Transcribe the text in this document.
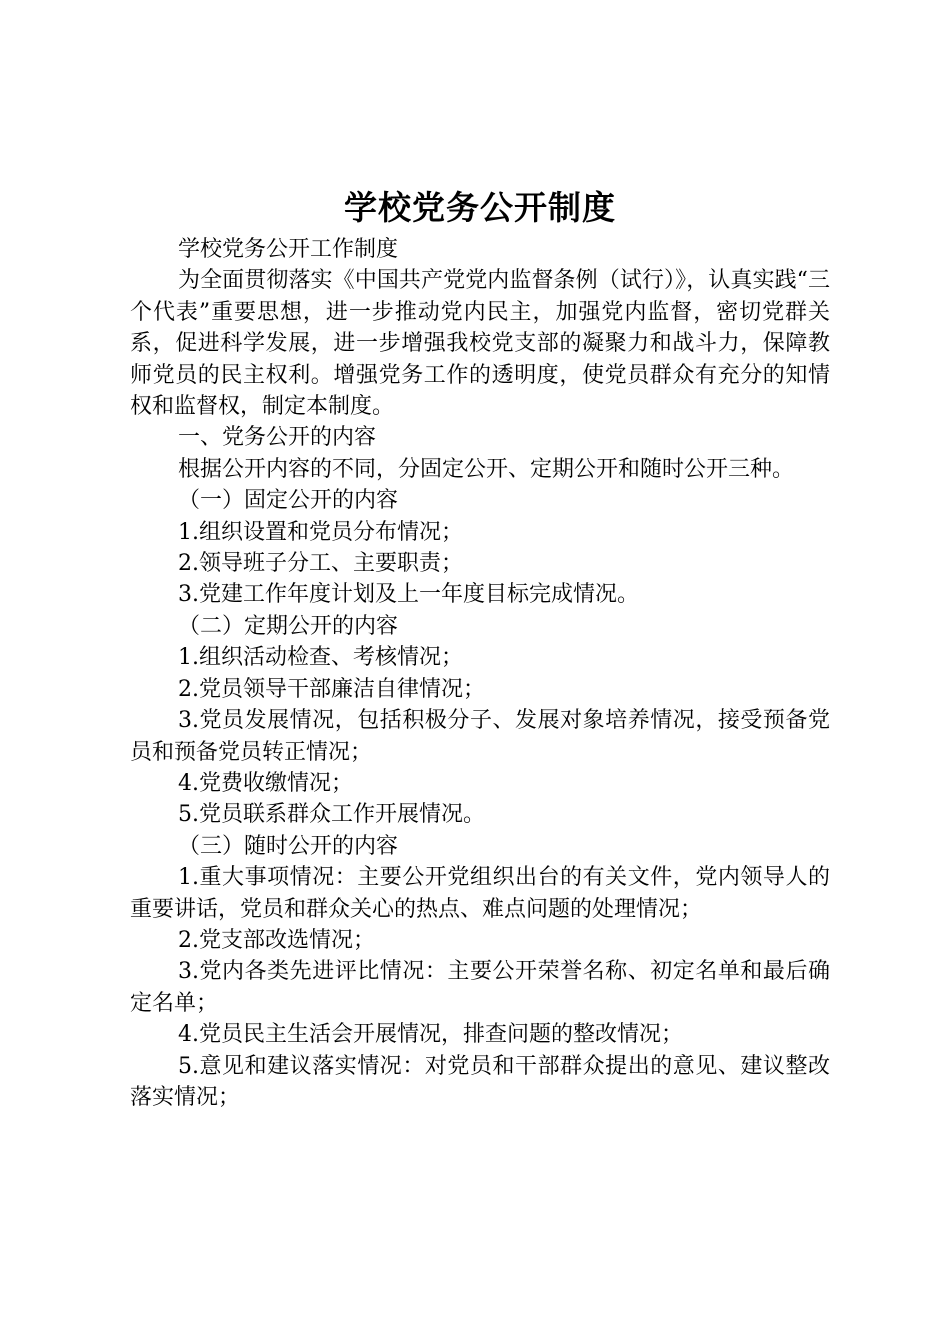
学校党务公开制度

学校党务公开工作制度

为全面贯彻落实《中国共产党党内监督条例（试行）》，认真实践“三个代表”重要思想，进一步推动党内民主，加强党内监督，密切党群关系，促进科学发展，进一步增强我校党支部的凝聚力和战斗力，保障教师党员的民主权利。增强党务工作的透明度，使党员群众有充分的知情权和监督权，制定本制度。

一、党务公开的内容

根据公开内容的不同，分固定公开、定期公开和随时公开三种。

（一）固定公开的内容

1.组织设置和党员分布情况；

2.领导班子分工、主要职责；

3.党建工作年度计划及上一年度目标完成情况。

（二）定期公开的内容

1.组织活动检查、考核情况；

2.党员领导干部廉洁自律情况；

3.党员发展情况，包括积极分子、发展对象培养情况，接受预备党员和预备党员转正情况；

4.党费收缴情况；

5.党员联系群众工作开展情况。

（三）随时公开的内容

1.重大事项情况：主要公开党组织出台的有关文件，党内领导人的重要讲话，党员和群众关心的热点、难点问题的处理情况；

2.党支部改选情况；

3.党内各类先进评比情况：主要公开荣誉名称、初定名单和最后确定名单；

4.党员民主生活会开展情况，排查问题的整改情况；

5.意见和建议落实情况：对党员和干部群众提出的意见、建议整改落实情况；
